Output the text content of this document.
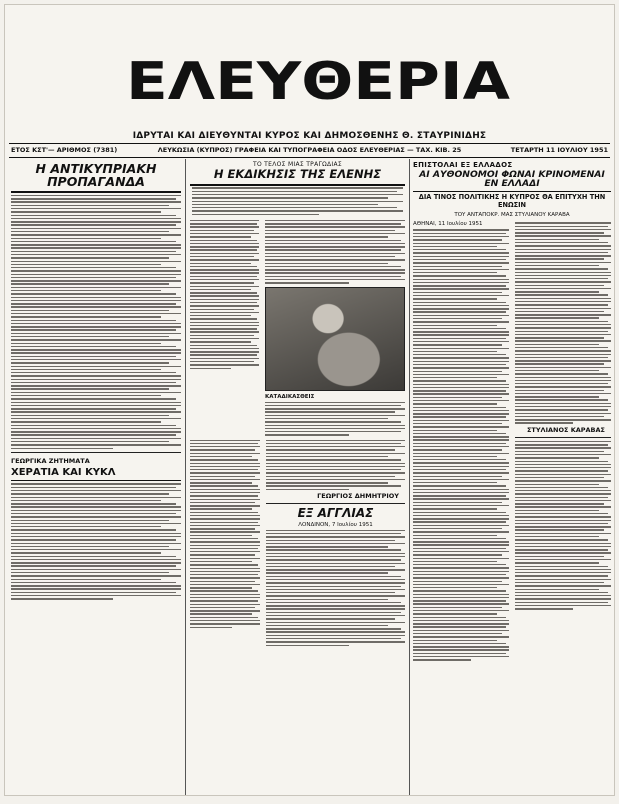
ΕΛΕΥΘΕΡΙΑ
ΙΔΡΥΤΑΙ ΚΑΙ ΔΙΕΥΘΥΝΤΑΙ ΚΥΡΟΣ ΚΑΙ ΔΗΜΟΣΘΕΝΗΣ Θ. ΣΤΑΥΡΙΝΙΔΗΣ
ΕΤΟΣ ΚΣΤ'— ΑΡΙΘΜΟΣ (7381)	ΛΕΥΚΩΣΙΑ (ΚΥΠΡΟΣ) ΓΡΑΦΕΙΑ ΚΑΙ ΤΥΠΟΓΡΑΦΕΙΑ ΟΔΟΣ ΕΛΕΥΘΕΡΙΑΣ — ΤΑΧ. ΚΙΒ. 25	ΤΕΤΑΡΤΗ 11 ΙΟΥΛΙΟΥ 1951
Η ΑΝΤΙΚΥΠΡΙΑΚΗ ΠΡΟΠΑΓΑΝΔΑ
ΓΕΩΡΓΙΚΑ ΖΗΤΗΜΑΤΑ
ΧΕΡΑΤΙΑ ΚΑΙ ΚΥΚΛ
ΤΟ ΤΕΛΟΣ ΜΙΑΣ ΤΡΑΓΩΔΙΑΣ
Η ΕΚΔΙΚΗΣΙΣ ΤΗΣ ΕΛΕΝΗΣ
ΚΑΤΑΔΙΚΑΣΘΕΙΣ
ΓΕΩΡΓΙΟΣ ΔΗΜΗΤΡΙΟΥ
ΕΞ ΑΓΓΛΙΑΣ
ΛΟΝΔΙΝΟΝ, 7 Ιουλίου 1951
ΕΠΙΣΤΟΛΑΙ ΕΞ ΕΛΛΑΔΟΣ
ΑΙ ΑΥΘΟΝΟΜΟΙ ΦΩΝΑΙ ΚΡΙΝΟΜΕΝΑΙ ΕΝ ΕΛΛΑΔΙ
ΔΙΑ ΤΙΝΟΣ ΠΟΛΙΤΙΚΗΣ Η ΚΥΠΡΟΣ ΘΑ ΕΠΙΤΥΧΗ ΤΗΝ ΕΝΩΣΙΝ
ΤΟΥ ΑΝΤΑΠΟΚΡ. ΜΑΣ ΣΤΥΛΙΑΝΟΥ ΚΑΡΑΒΑ
ΑΘΗΝΑΙ, 11 Ιουλίου 1951
ΣΤΥΛΙΑΝΟΣ ΚΑΡΑΒΑΣ
